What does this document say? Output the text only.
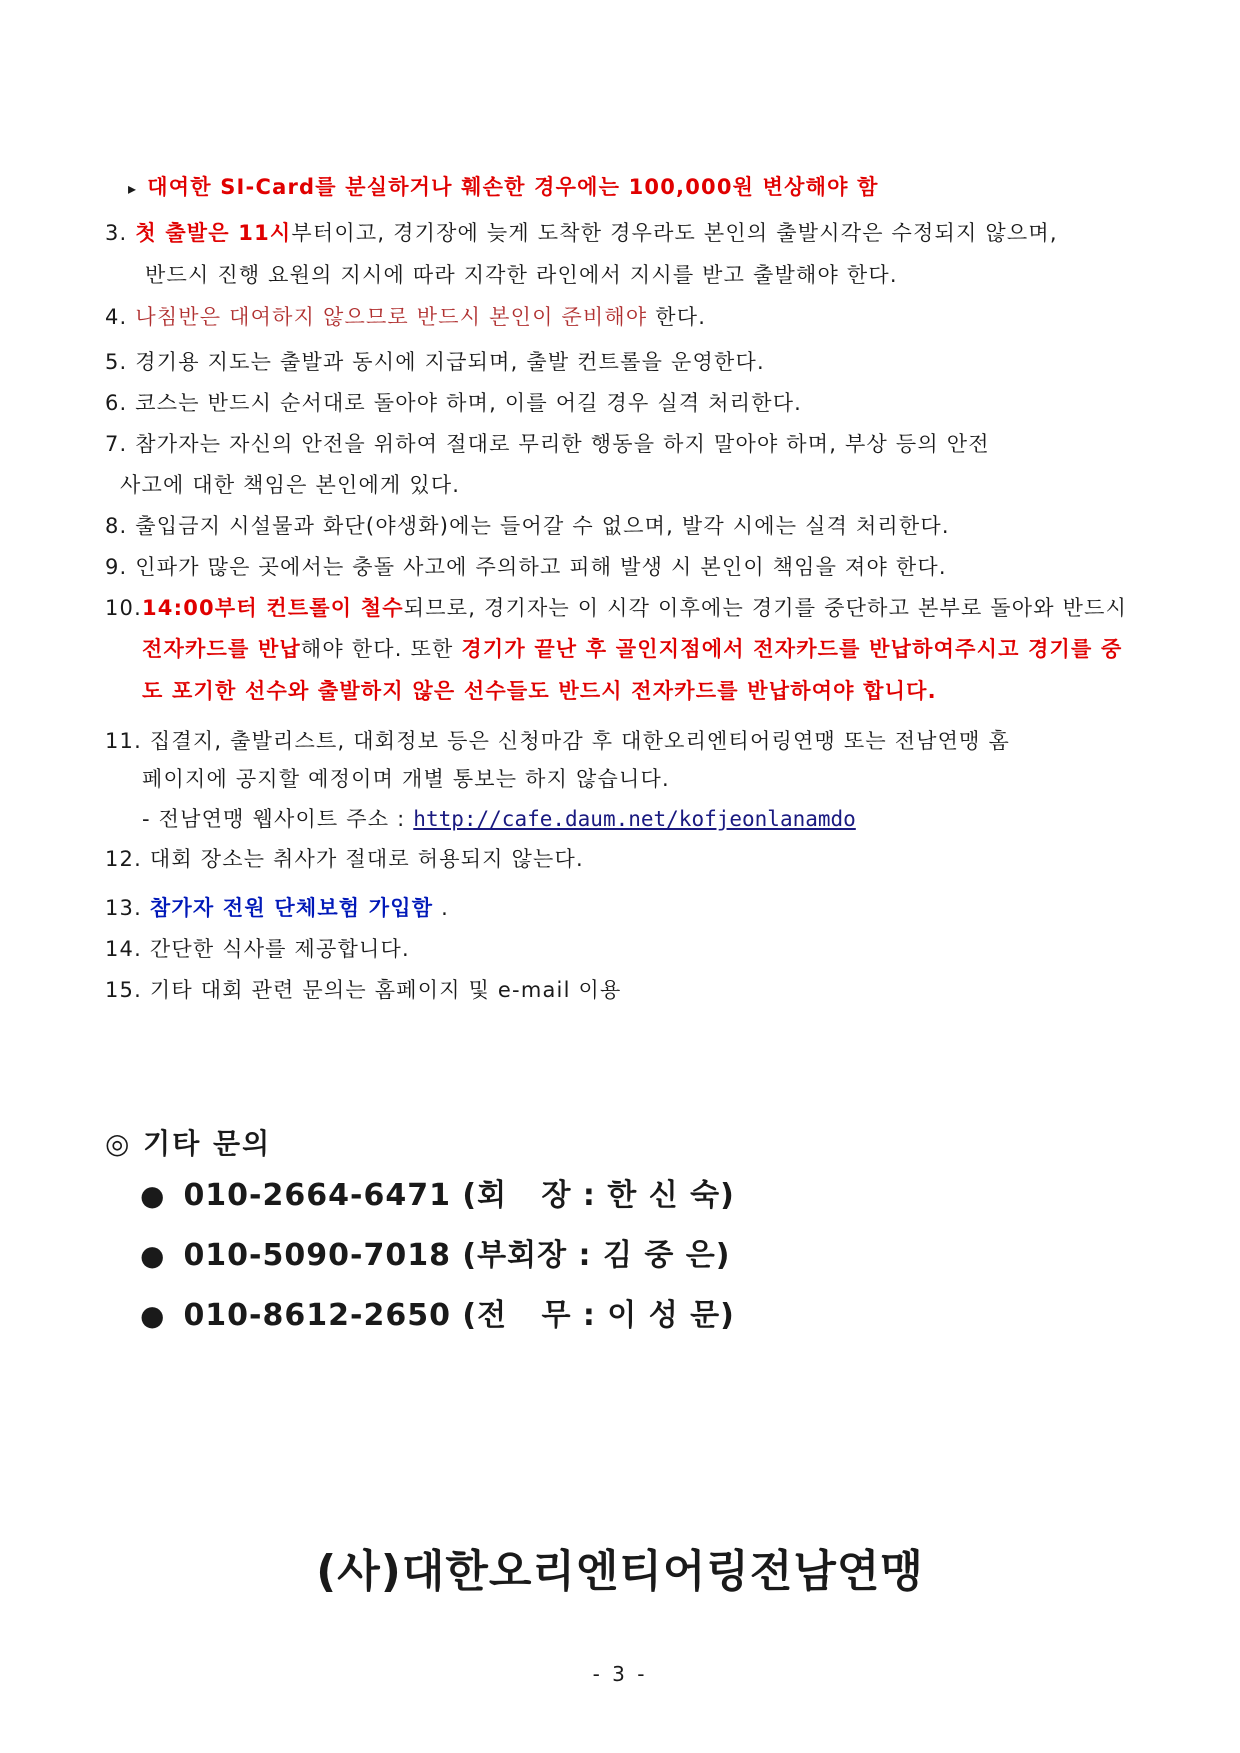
▸ 대여한 SI-Card를 분실하거나 훼손한 경우에는 100,000원 변상해야 함
3. 첫 출발은 11시부터이고, 경기장에 늦게 도착한 경우라도 본인의 출발시각은 수정되지 않으며,
반드시 진행 요원의 지시에 따라 지각한 라인에서 지시를 받고 출발해야 한다.
4. 나침반은 대여하지 않으므로 반드시 본인이 준비해야 한다.
5. 경기용 지도는 출발과 동시에 지급되며, 출발 컨트롤을 운영한다.
6. 코스는 반드시 순서대로 돌아야 하며, 이를 어길 경우 실격 처리한다.
7. 참가자는 자신의 안전을 위하여 절대로 무리한 행동을 하지 말아야 하며, 부상 등의 안전
사고에 대한 책임은 본인에게 있다.
8. 출입금지 시설물과 화단(야생화)에는 들어갈 수 없으며, 발각 시에는 실격 처리한다.
9. 인파가 많은 곳에서는 충돌 사고에 주의하고 피해 발생 시 본인이 책임을 져야 한다.
10.14:00부터 컨트롤이 철수되므로, 경기자는 이 시각 이후에는 경기를 중단하고 본부로 돌아와 반드시
전자카드를 반납해야 한다. 또한 경기가 끝난 후 골인지점에서 전자카드를 반납하여주시고 경기를 중
도 포기한 선수와 출발하지 않은 선수들도 반드시 전자카드를 반납하여야 합니다.
11. 집결지, 출발리스트, 대회정보 등은 신청마감 후 대한오리엔티어링연맹 또는 전남연맹 홈
페이지에 공지할 예정이며 개별 통보는 하지 않습니다.
- 전남연맹 웹사이트 주소 : http://cafe.daum.net/kofjeonlanamdo
12. 대회 장소는 취사가 절대로 허용되지 않는다.
13. 참가자 전원 단체보험 가입함 .
14. 간단한 식사를 제공합니다.
15. 기타 대회 관련 문의는 홈페이지 및 e-mail 이용
◎ 기타 문의
● 010-2664-6471 (회   장 : 한 신 숙)
● 010-5090-7018 (부회장 : 김 중 은)
● 010-8612-2650 (전   무 : 이 성 문)
(사)대한오리엔티어링전남연맹
- 3 -
